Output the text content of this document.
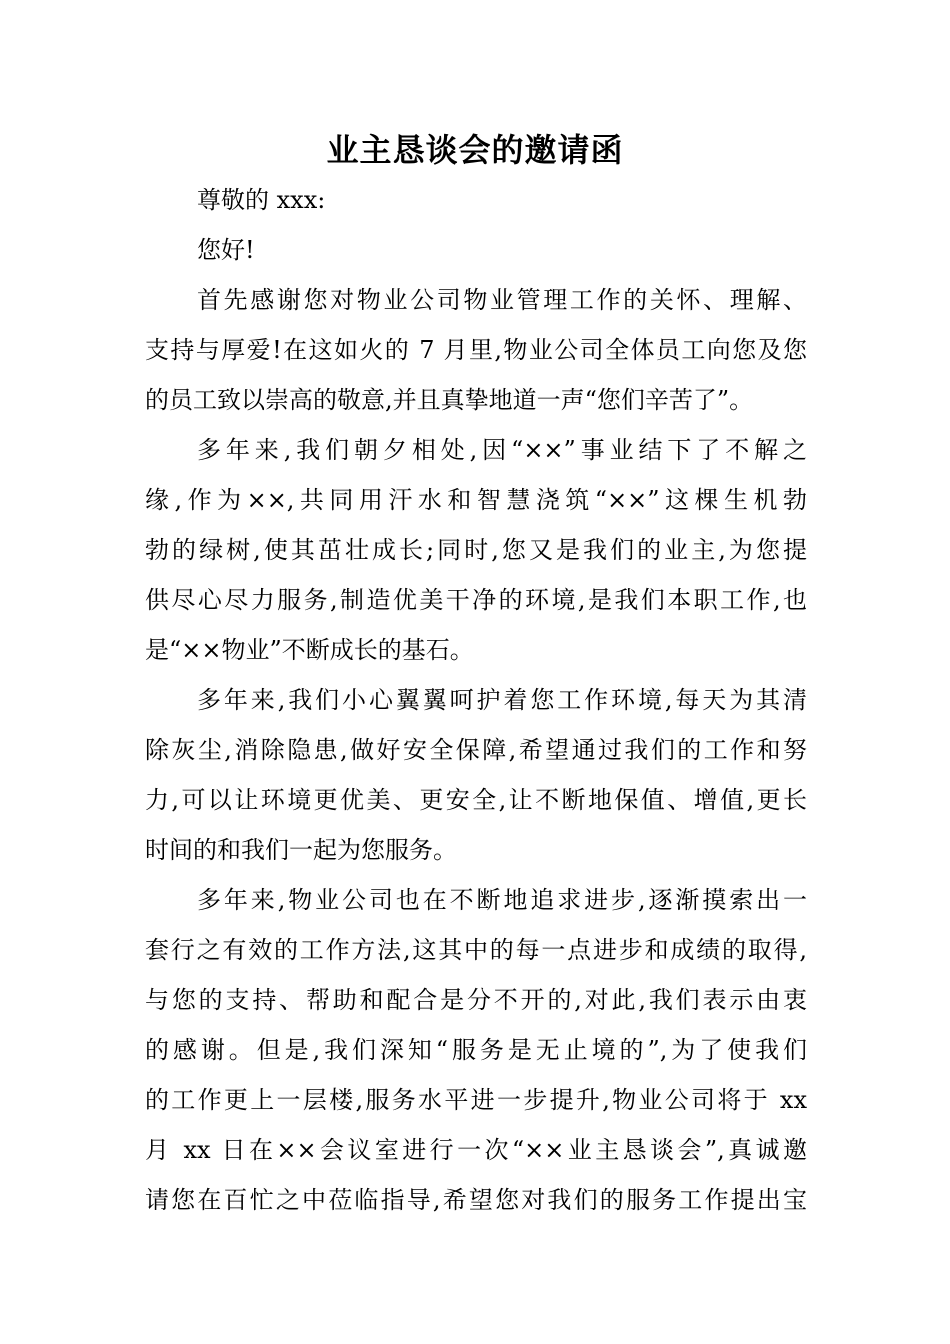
业主恳谈会的邀请函

尊敬的 xxx:

您好!

首先感谢您对物业公司物业管理工作的关怀、理解、

支持与厚爱!在这如火的 7 月里,物业公司全体员工向您及您

的员工致以崇高的敬意,并且真挚地道一声“您们辛苦了”。

多年来,我们朝夕相处,因“××”事业结下了不解之

缘,作为××,共同用汗水和智慧浇筑“××”这棵生机勃

勃的绿树,使其茁壮成长;同时,您又是我们的业主,为您提

供尽心尽力服务,制造优美干净的环境,是我们本职工作,也

是“××物业”不断成长的基石。

多年来,我们小心翼翼呵护着您工作环境,每天为其清

除灰尘,消除隐患,做好安全保障,希望通过我们的工作和努

力,可以让环境更优美、更安全,让不断地保值、增值,更长

时间的和我们一起为您服务。

多年来,物业公司也在不断地追求进步,逐渐摸索出一

套行之有效的工作方法,这其中的每一点进步和成绩的取得,

与您的支持、帮助和配合是分不开的,对此,我们表示由衷

的感谢。但是,我们深知“服务是无止境的”,为了使我们

的工作更上一层楼,服务水平进一步提升,物业公司将于 xx

月 xx 日在××会议室进行一次“××业主恳谈会”,真诚邀

请您在百忙之中莅临指导,希望您对我们的服务工作提出宝
